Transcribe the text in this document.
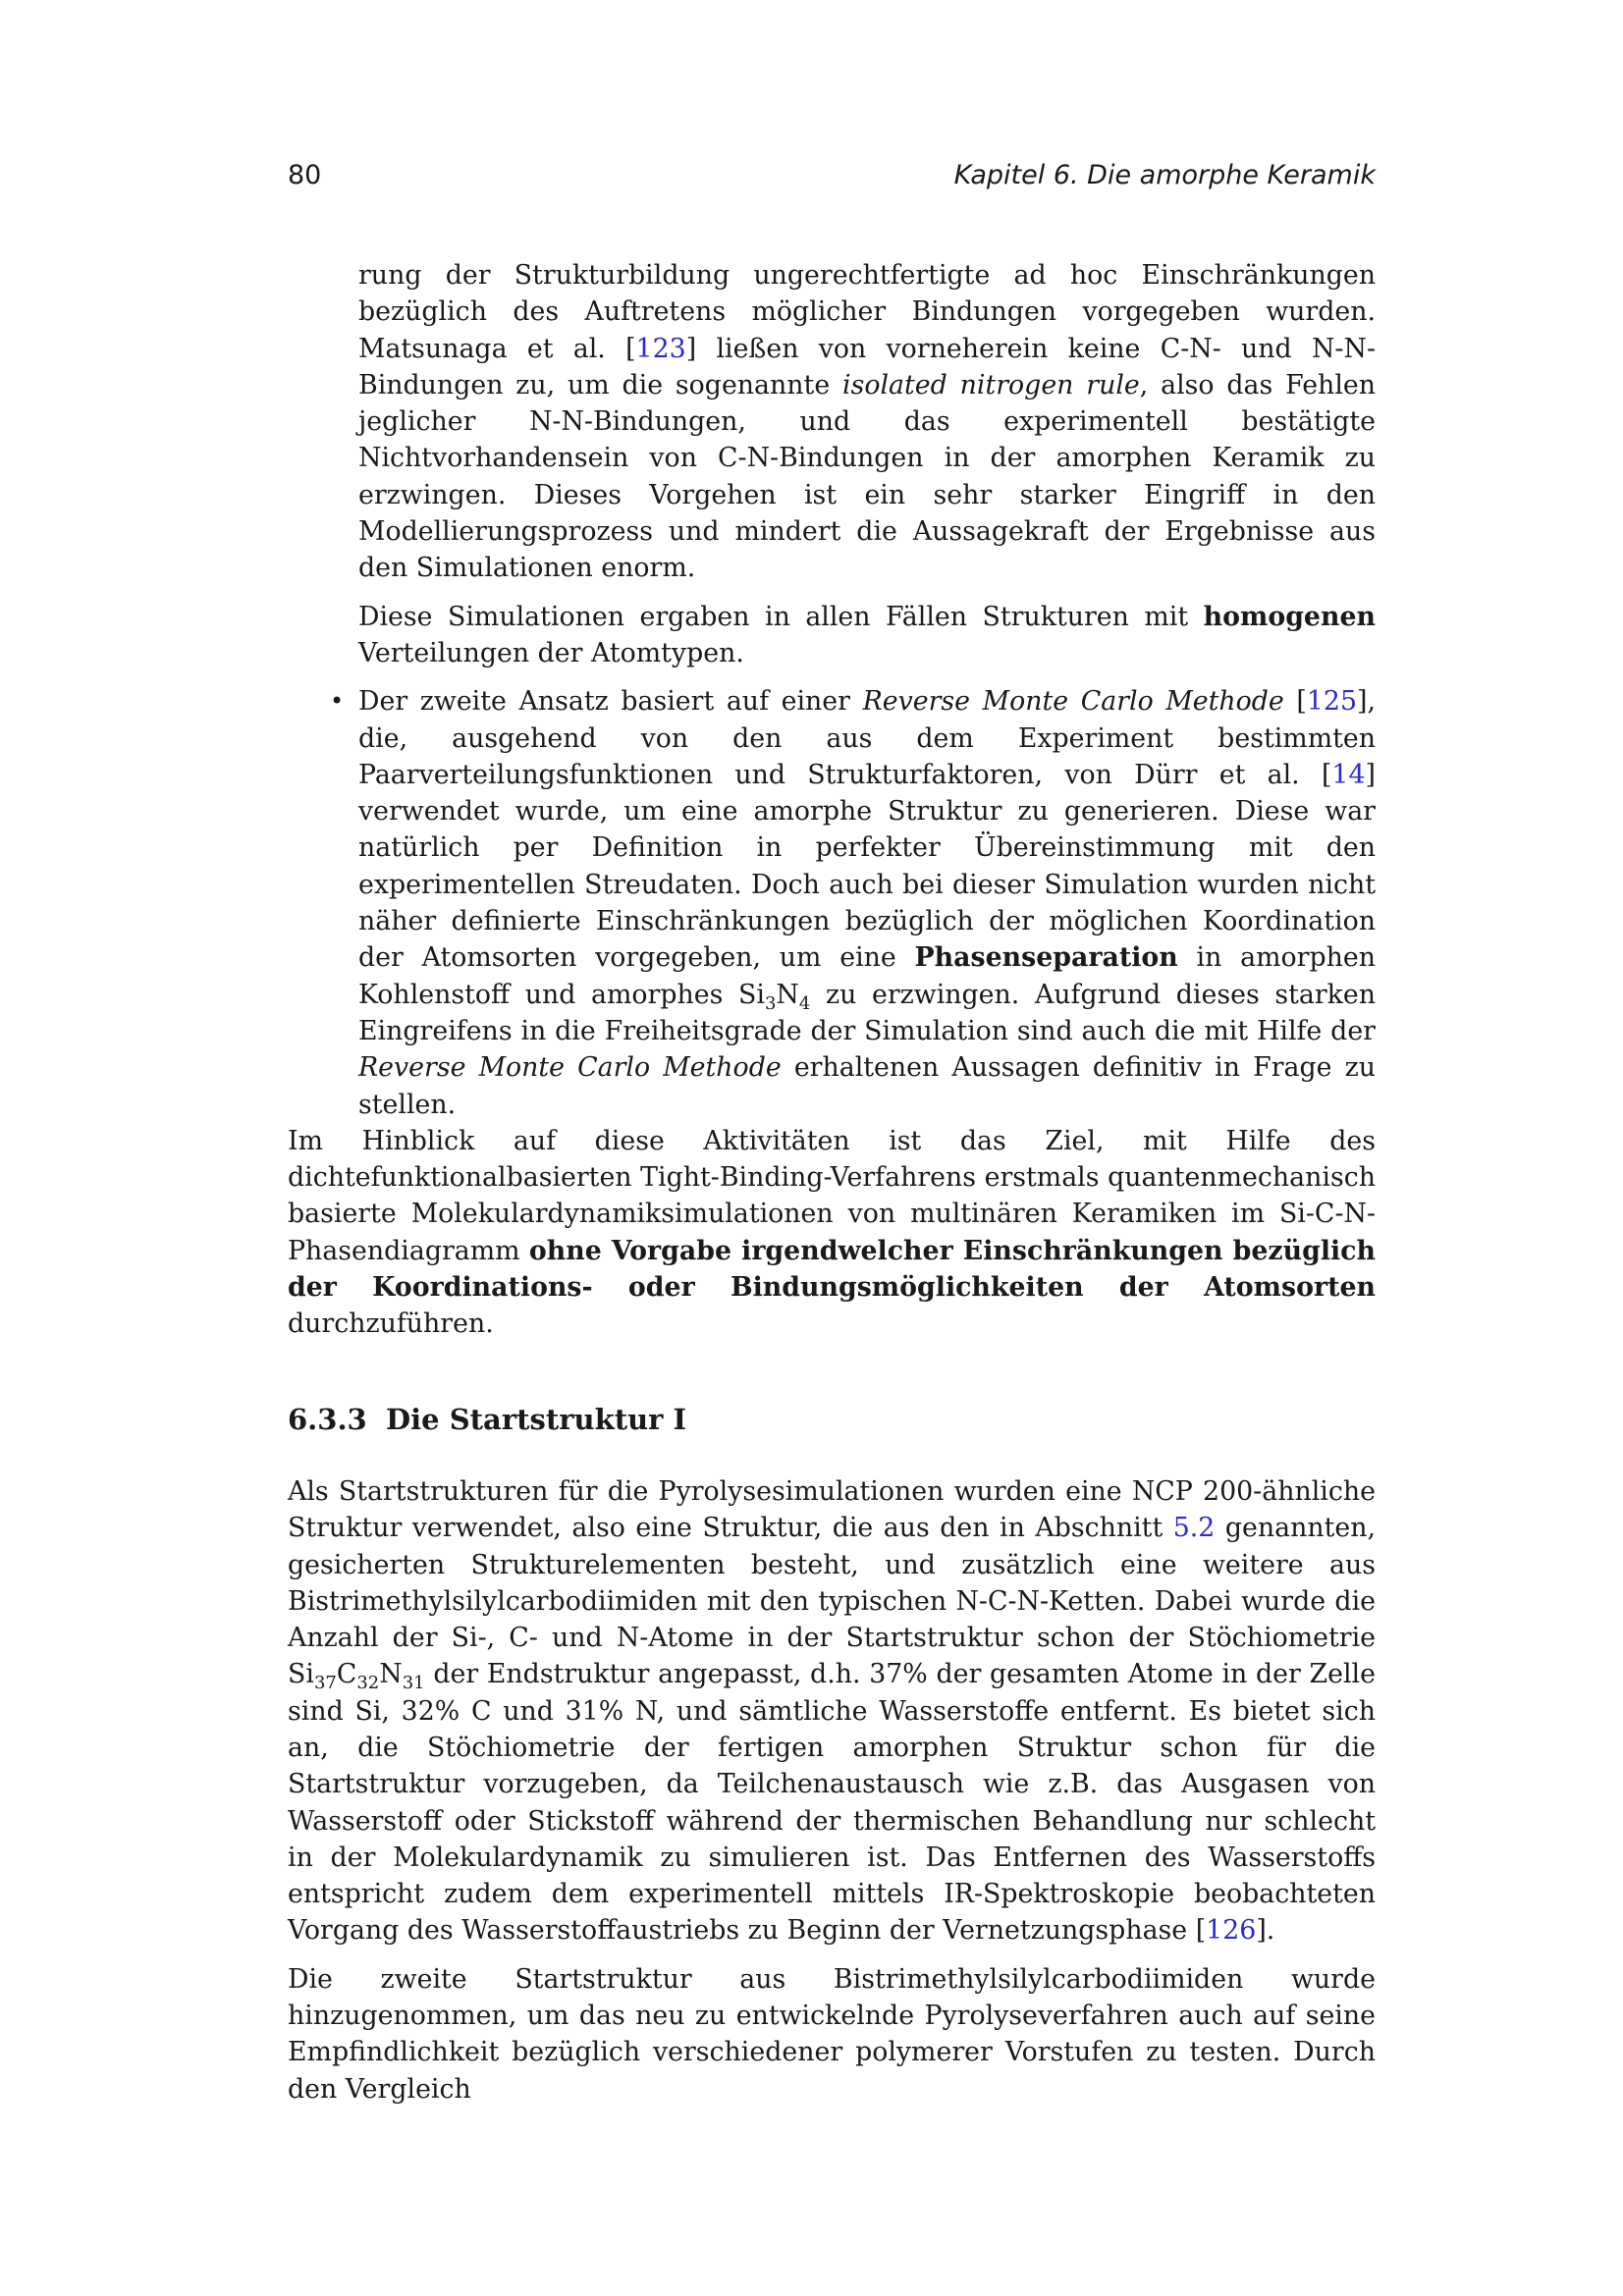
80	Kapitel 6. Die amorphe Keramik

rung der Strukturbildung ungerechtfertigte ad hoc Einschränkungen bezüglich des Auftretens möglicher Bindungen vorgegeben wurden. Matsunaga et al. [123] ließen von vorneherein keine C-N- und N-N-Bindungen zu, um die sogenannte isolated nitrogen rule, also das Fehlen jeglicher N-N-Bindungen, und das experimentell bestätigte Nichtvorhandensein von C-N-Bindungen in der amorphen Keramik zu erzwingen. Dieses Vorgehen ist ein sehr starker Eingriff in den Modellierungsprozess und mindert die Aussagekraft der Ergebnisse aus den Simulationen enorm.

Diese Simulationen ergaben in allen Fällen Strukturen mit homogenen Verteilungen der Atomtypen.

• Der zweite Ansatz basiert auf einer Reverse Monte Carlo Methode [125], die, ausgehend von den aus dem Experiment bestimmten Paarverteilungsfunktionen und Strukturfaktoren, von Dürr et al. [14] verwendet wurde, um eine amorphe Struktur zu generieren. Diese war natürlich per Definition in perfekter Übereinstimmung mit den experimentellen Streudaten. Doch auch bei dieser Simulation wurden nicht näher definierte Einschränkungen bezüglich der möglichen Koordination der Atomsorten vorgegeben, um eine Phasenseparation in amorphen Kohlenstoff und amorphes $Si_3N_4$ zu erzwingen. Aufgrund dieses starken Eingreifens in die Freiheitsgrade der Simulation sind auch die mit Hilfe der Reverse Monte Carlo Methode erhaltenen Aussagen definitiv in Frage zu stellen.

Im Hinblick auf diese Aktivitäten ist das Ziel, mit Hilfe des dichtefunktionalbasierten Tight-Binding-Verfahrens erstmals quantenmechanisch basierte Molekulardynamiksimulationen von multinären Keramiken im Si-C-N-Phasendiagramm ohne Vorgabe irgendwelcher Einschränkungen bezüglich der Koordinations- oder Bindungsmöglichkeiten der Atomsorten durchzuführen.

6.3.3 Die Startstruktur I

Als Startstrukturen für die Pyrolysesimulationen wurden eine NCP 200-ähnliche Struktur verwendet, also eine Struktur, die aus den in Abschnitt 5.2 genannten, gesicherten Strukturelementen besteht, und zusätzlich eine weitere aus Bistrimethylsilylcarbodiimiden mit den typischen N-C-N-Ketten. Dabei wurde die Anzahl der Si-, C- und N-Atome in der Startstruktur schon der Stöchiometrie $Si_{37}C_{32}N_{31}$ der Endstruktur angepasst, d.h. 37% der gesamten Atome in der Zelle sind Si, 32% C und 31% N, und sämtliche Wasserstoffe entfernt. Es bietet sich an, die Stöchiometrie der fertigen amorphen Struktur schon für die Startstruktur vorzugeben, da Teilchenaustausch wie z.B. das Ausgasen von Wasserstoff oder Stickstoff während der thermischen Behandlung nur schlecht in der Molekulardynamik zu simulieren ist. Das Entfernen des Wasserstoffs entspricht zudem dem experimentell mittels IR-Spektroskopie beobachteten Vorgang des Wasserstoffaustriebs zu Beginn der Vernetzungsphase [126].

Die zweite Startstruktur aus Bistrimethylsilylcarbodiimiden wurde hinzugenommen, um das neu zu entwickelnde Pyrolyseverfahren auch auf seine Empfindlichkeit bezüglich verschiedener polymerer Vorstufen zu testen. Durch den Vergleich
